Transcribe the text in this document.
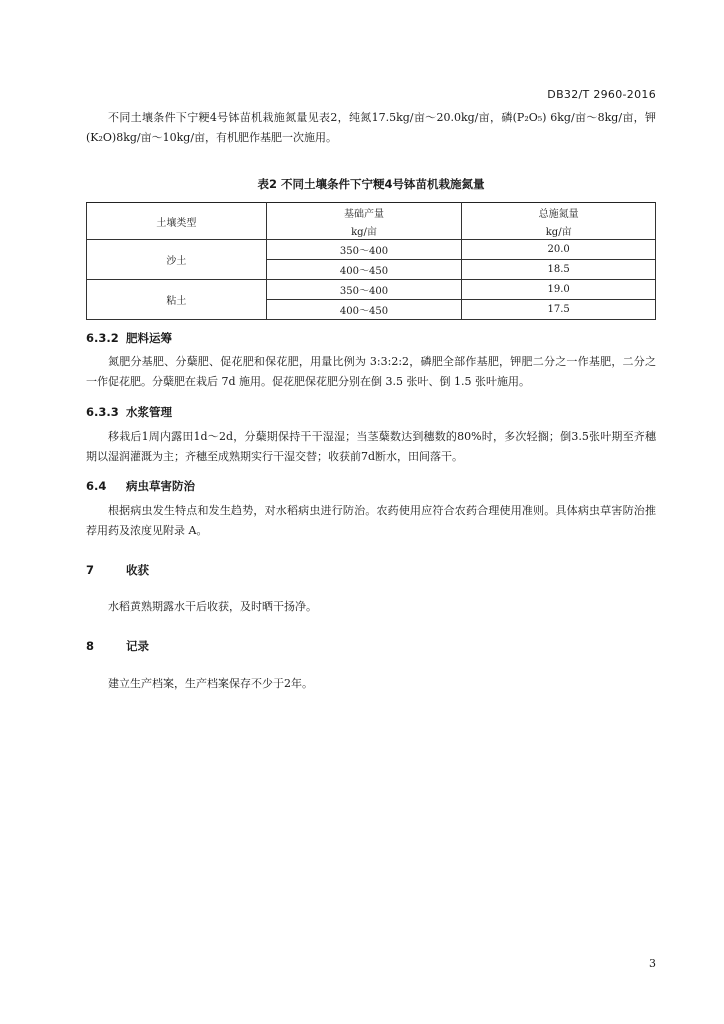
DB32/T 2960-2016
不同土壤条件下宁粳4号钵苗机栽施氮量见表2，纯氮17.5kg/亩～20.0kg/亩，磷(P₂O₅) 6kg/亩～8kg/亩，钾(K₂O)8kg/亩～10kg/亩，有机肥作基肥一次施用。
表2 不同土壤条件下宁粳4号钵苗机栽施氮量
土壤类型	基础产量	总施氮量
	kg/亩	kg/亩
沙土	350～400	20.0
	400～450	18.5
粘土	350～400	19.0
	400～450	17.5
6.3.2 肥料运筹
氮肥分基肥、分蘖肥、促花肥和保花肥，用量比例为 3:3:2:2，磷肥全部作基肥，钾肥二分之一作基肥，二分之一作促花肥。分蘖肥在栽后 7d 施用。促花肥保花肥分别在倒 3.5 张叶、倒 1.5 张叶施用。
6.3.3 水浆管理
移栽后1周内露田1d～2d，分蘖期保持干干湿湿；当茎蘖数达到穗数的80%时，多次轻搁；倒3.5张叶期至齐穗期以湿润灌溉为主；齐穗至成熟期实行干湿交替；收获前7d断水，田间落干。
6.4 病虫草害防治
根据病虫发生特点和发生趋势，对水稻病虫进行防治。农药使用应符合农药合理使用准则。具体病虫草害防治推荐用药及浓度见附录 A。
7	收获
水稻黄熟期露水干后收获，及时晒干扬净。
8	记录
建立生产档案，生产档案保存不少于2年。
3
